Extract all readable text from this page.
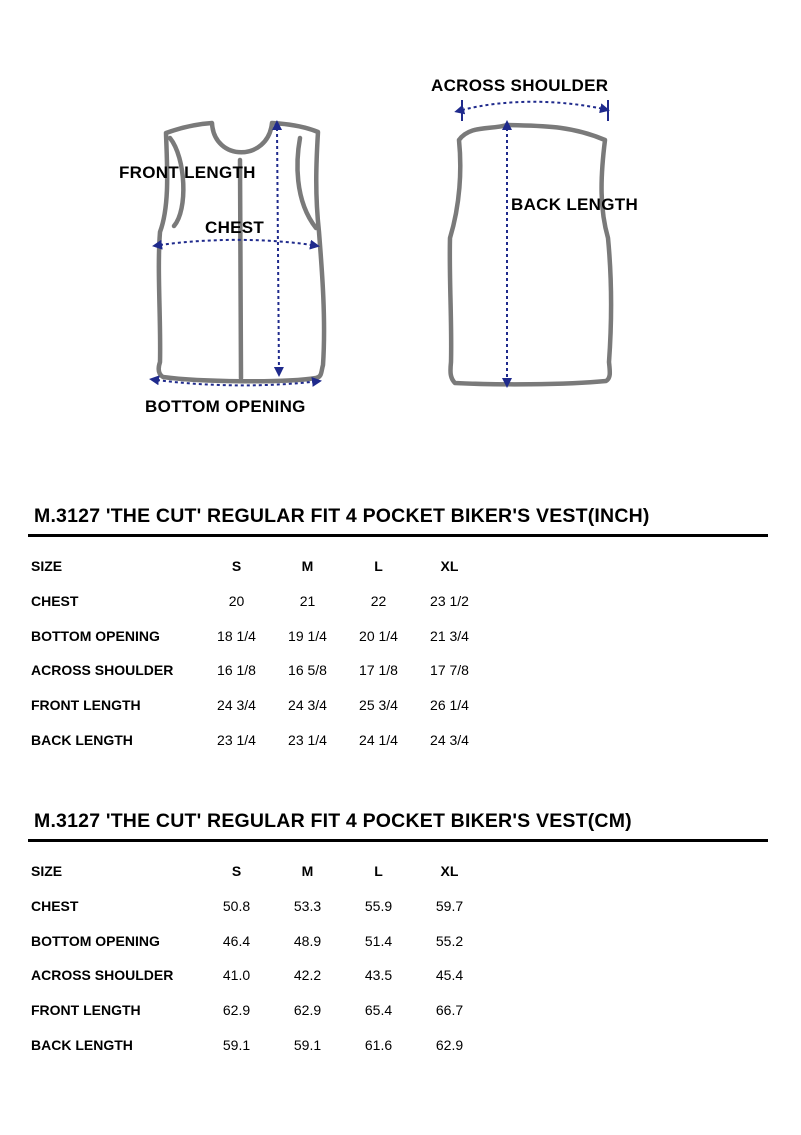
FRONT LENGTH
CHEST
BOTTOM OPENING
ACROSS SHOULDER
BACK LENGTH
M.3127 'THE CUT' REGULAR FIT 4 POCKET BIKER'S VEST(INCH)
SIZE	S	M	L	XL
CHEST	20	21	22	23 1/2
BOTTOM OPENING	18 1/4	19 1/4	20 1/4	21 3/4
ACROSS SHOULDER	16 1/8	16 5/8	17 1/8	17 7/8
FRONT LENGTH	24 3/4	24 3/4	25 3/4	26 1/4
BACK LENGTH	23 1/4	23 1/4	24 1/4	24 3/4
M.3127 'THE CUT' REGULAR FIT 4 POCKET BIKER'S VEST(CM)
SIZE	S	M	L	XL
CHEST	50.8	53.3	55.9	59.7
BOTTOM OPENING	46.4	48.9	51.4	55.2
ACROSS SHOULDER	41.0	42.2	43.5	45.4
FRONT LENGTH	62.9	62.9	65.4	66.7
BACK LENGTH	59.1	59.1	61.6	62.9
